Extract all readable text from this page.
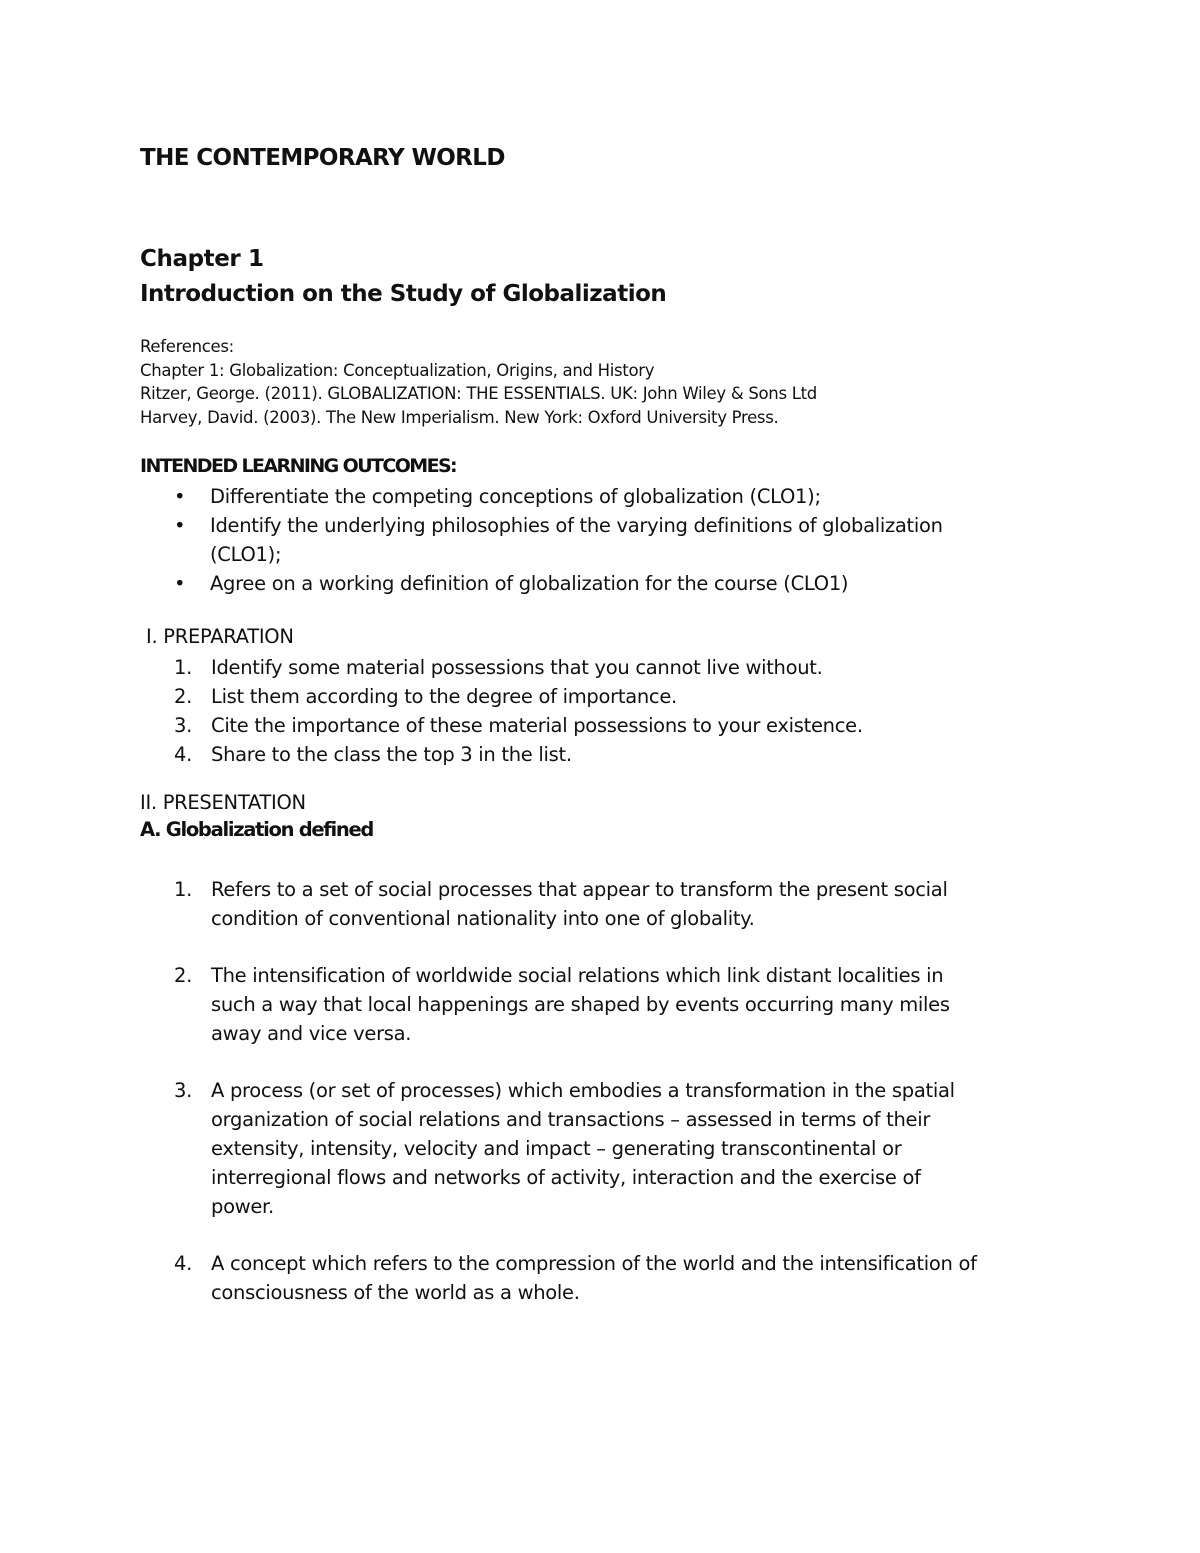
THE CONTEMPORARY WORLD
Chapter 1
Introduction on the Study of Globalization
References:
Chapter 1: Globalization: Conceptualization, Origins, and History
Ritzer, George. (2011). GLOBALIZATION: THE ESSENTIALS. UK: John Wiley & Sons Ltd
Harvey, David. (2003). The New Imperialism. New York: Oxford University Press.
INTENDED LEARNING OUTCOMES:
• Differentiate the competing conceptions of globalization (CLO1);
• Identify the underlying philosophies of the varying definitions of globalization
(CLO1);
• Agree on a working definition of globalization for the course (CLO1)
I. PREPARATION
1. Identify some material possessions that you cannot live without.
2. List them according to the degree of importance.
3. Cite the importance of these material possessions to your existence.
4. Share to the class the top 3 in the list.
II. PRESENTATION
A. Globalization defined
1. Refers to a set of social processes that appear to transform the present social
condition of conventional nationality into one of globality.
2. The intensification of worldwide social relations which link distant localities in
such a way that local happenings are shaped by events occurring many miles
away and vice versa.
3. A process (or set of processes) which embodies a transformation in the spatial
organization of social relations and transactions – assessed in terms of their
extensity, intensity, velocity and impact – generating transcontinental or
interregional flows and networks of activity, interaction and the exercise of
power.
4. A concept which refers to the compression of the world and the intensification of
consciousness of the world as a whole.
